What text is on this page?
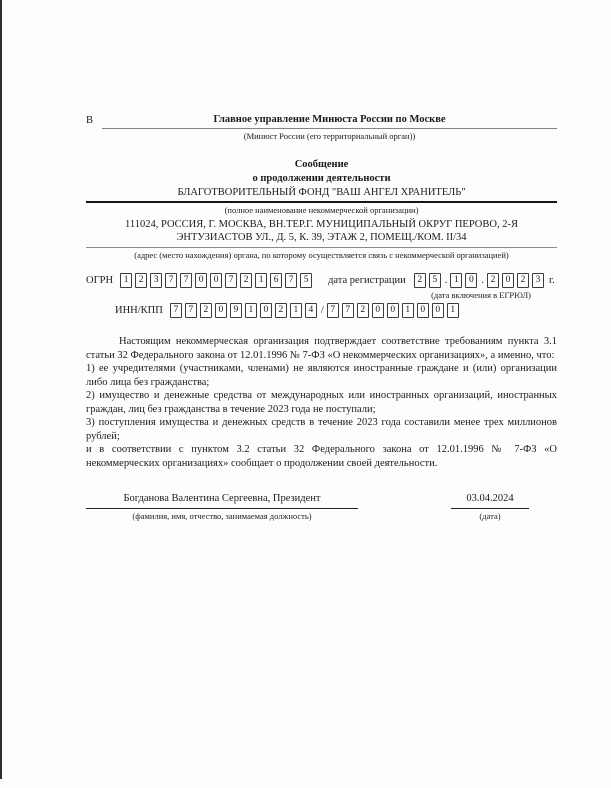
В	Главное управление Минюста России по Москве
(Минюст России (его территориальный орган))
Сообщение
о продолжении деятельности
БЛАГОТВОРИТЕЛЬНЫЙ ФОНД "ВАШ АНГЕЛ ХРАНИТЕЛЬ"
(полное наименование некоммерческой организации)
111024, РОССИЯ, Г. МОСКВА, ВН.ТЕР.Г. МУНИЦИПАЛЬНЫЙ ОКРУГ ПЕРОВО, 2-Я ЭНТУЗИАСТОВ УЛ., Д. 5, К. 39, ЭТАЖ 2, ПОМЕЩ./КОМ. II/34
(адрес (место нахождения) органа, по которому осуществляется связь с некоммерческой организацией)
ОГРН	1	2	3	7	7	0	0	7	2	1	6	7	5	дата регистрации	2	5 . 1	0 . 2	0	2	3 г.
(дата включения в ЕГРЮЛ)
ИНН/КПП	7	7	2	0	9	1	0	2	1	4 / 7	7	2	0	0	1	0	0	1
Настоящим некоммерческая организация подтверждает соответствие требованиям пункта 3.1 статьи 32 Федерального закона от 12.01.1996 № 7-ФЗ «О некоммерческих организациях», а именно, что:
1) ее учредителями (участниками, членами) не являются иностранные граждане и (или) организации либо лица без гражданства;
2) имущество и денежные средства от международных или иностранных организаций, иностранных граждан, лиц без гражданства в течение 2023 года не поступали;
3) поступления имущества и денежных средств в течение 2023 года составили менее трех миллионов рублей;
и в соответствии с пунктом 3.2 статьи 32 Федерального закона от 12.01.1996 № 7-ФЗ «О некоммерческих организациях» сообщает о продолжении своей деятельности.
Богданова Валентина Сергеевна, Президент
(фамилия, имя, отчество, занимаемая должность)
03.04.2024
(дата)
